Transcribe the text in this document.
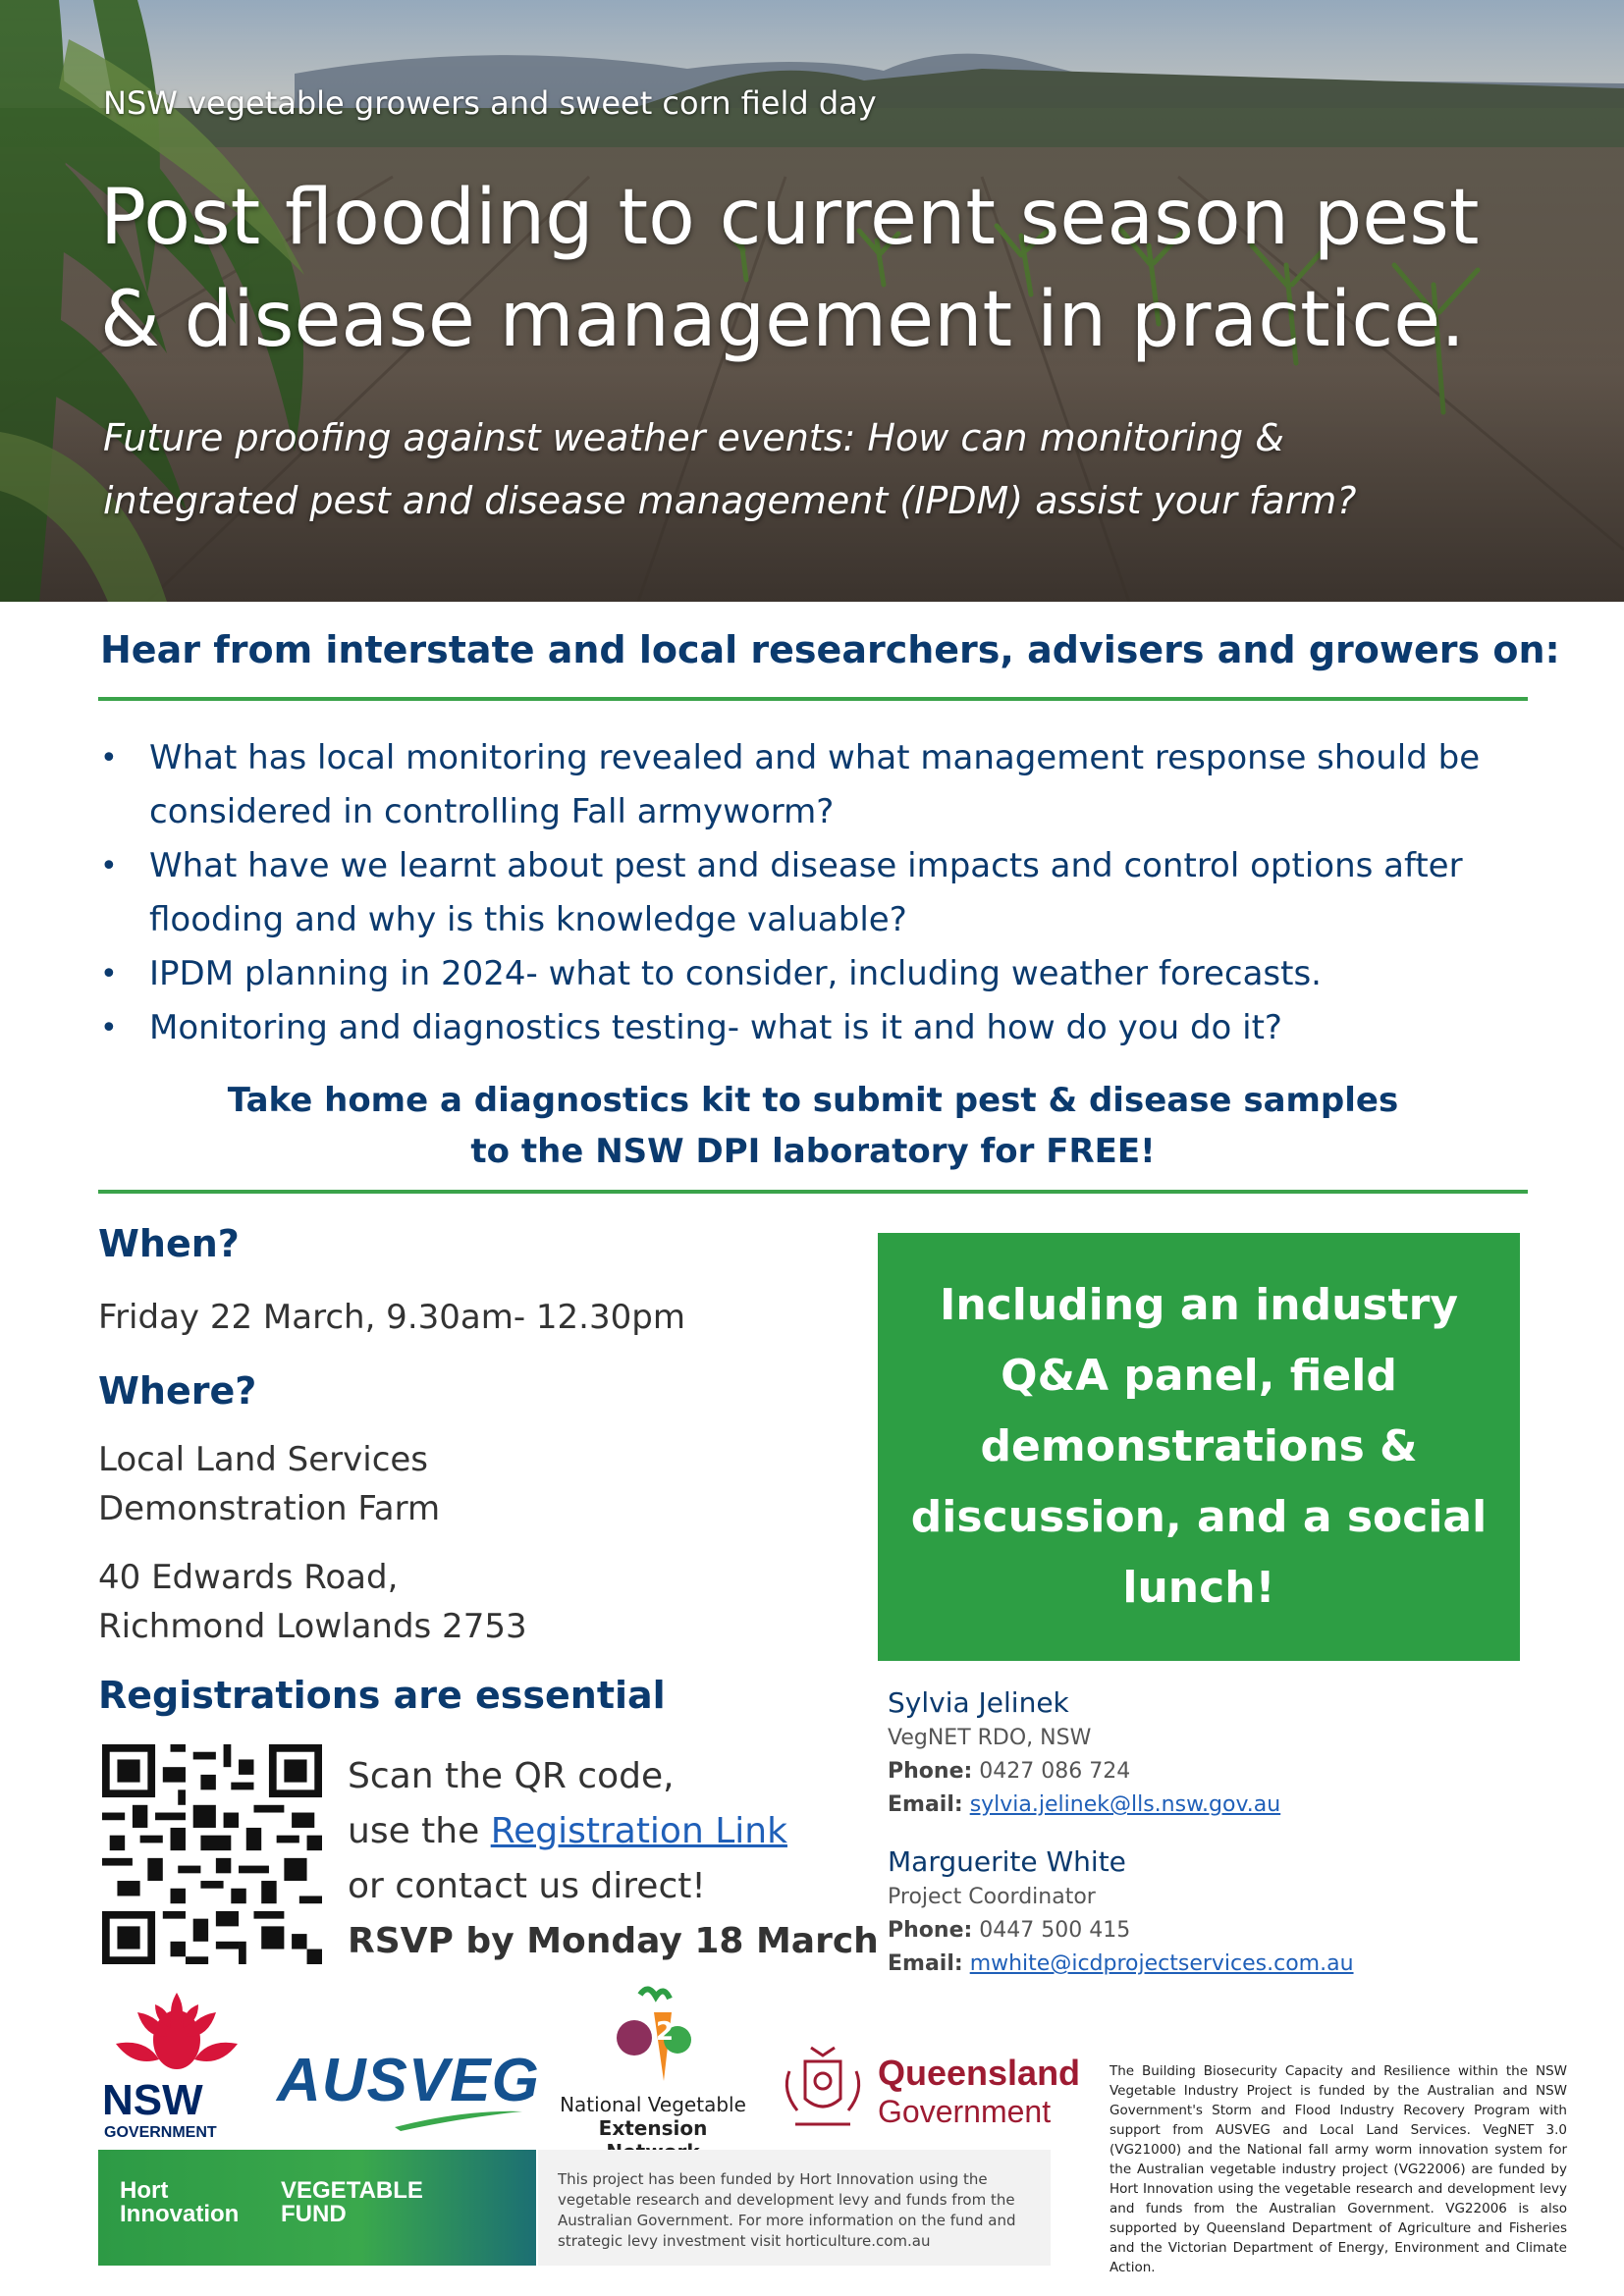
NSW vegetable growers and sweet corn field day
Post flooding to current season pest
& disease management in practice.
Future proofing against weather events: How can monitoring &
integrated pest and disease management (IPDM) assist your farm?
Hear from interstate and local researchers, advisers and growers on:
• What has local monitoring revealed and what management response should be
considered in controlling Fall armyworm?
• What have we learnt about pest and disease impacts and control options after
flooding and why is this knowledge valuable?
• IPDM planning in 2024- what to consider, including weather forecasts.
• Monitoring and diagnostics testing- what is it and how do you do it?
Take home a diagnostics kit to submit pest & disease samples
to the NSW DPI laboratory for FREE!
When?
Friday 22 March, 9.30am- 12.30pm
Where?
Local Land Services
Demonstration Farm
40 Edwards Road,
Richmond Lowlands 2753
Including an industry
Q&A panel, field
demonstrations &
discussion, and a social
lunch!
Registrations are essential
Scan the QR code,
use the Registration Link
or contact us direct!
RSVP by Monday 18 March
Sylvia Jelinek
VegNET RDO, NSW
Phone: 0427 086 724
Email: sylvia.jelinek@lls.nsw.gov.au
Marguerite White
Project Coordinator
Phone: 0447 500 415
Email: mwhite@icdprojectservices.com.au
NSW
GOVERNMENT
AUSVEG
2
National Vegetable
Extension
Queensland
Government
Hort
Innovation
VEGETABLE
FUND
This project has been funded by Hort Innovation using the vegetable research and development levy and funds from the Australian Government. For more information on the fund and strategic levy investment visit horticulture.com.au
The Building Biosecurity Capacity and Resilience within the NSW Vegetable Industry Project is funded by the Australian and NSW Government's Storm and Flood Industry Recovery Program with support from AUSVEG and Local Land Services. VegNET 3.0 (VG21000) and the National fall army worm innovation system for the Australian vegetable industry project (VG22006) are funded by Hort Innovation using the vegetable research and development levy and funds from the Australian Government. VG22006 is also supported by Queensland Department of Agriculture and Fisheries and the Victorian Department of Energy, Environment and Climate Action.
